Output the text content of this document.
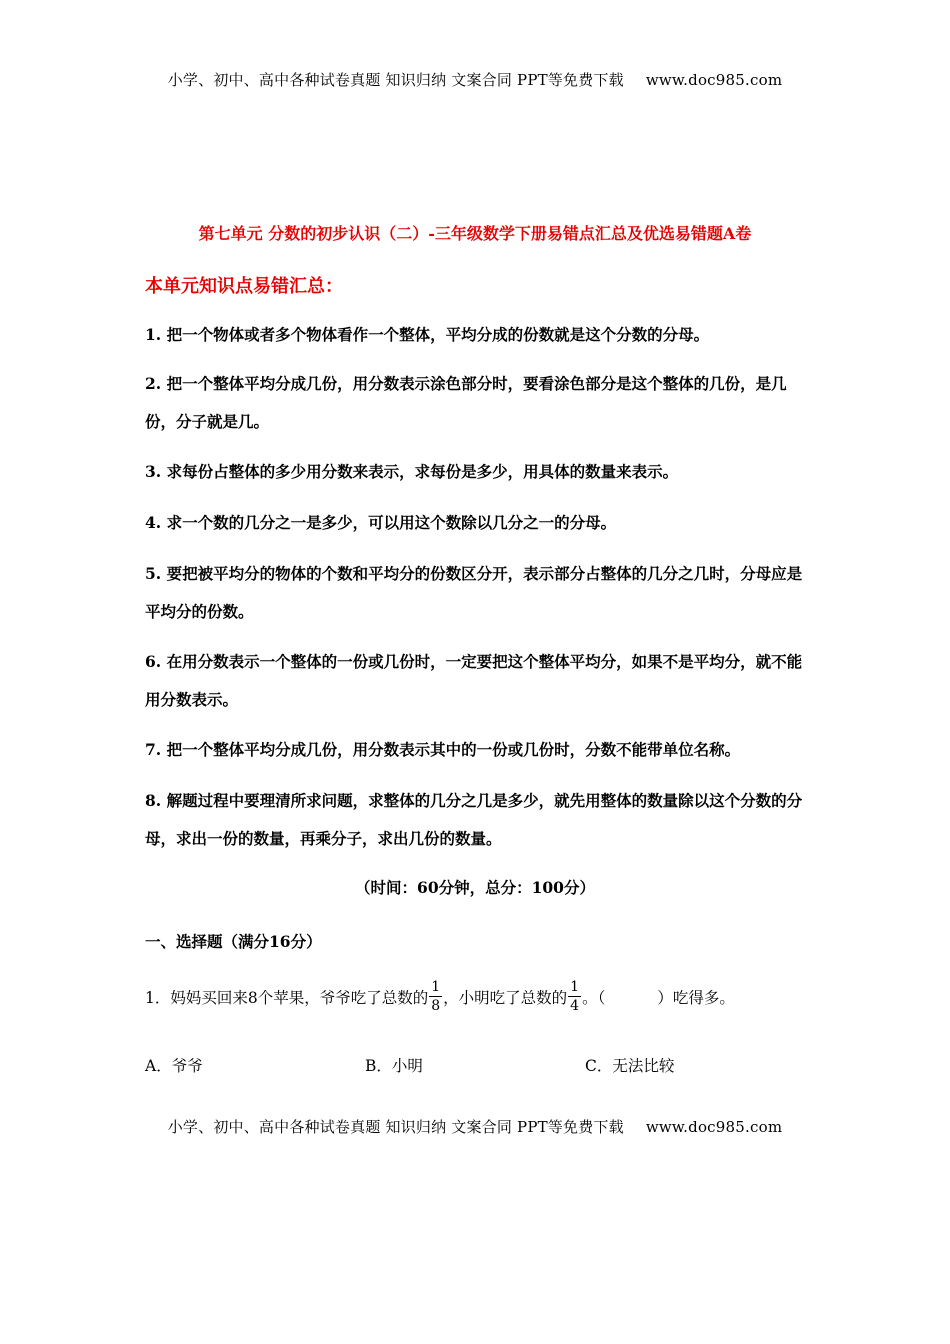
小学、初中、高中各种试卷真题 知识归纳 文案合同 PPT等免费下载 www.doc985.com
第七单元 分数的初步认识（二）-三年级数学下册易错点汇总及优选易错题A卷
本单元知识点易错汇总：

1. 把一个物体或者多个物体看作一个整体，平均分成的份数就是这个分数的分母。

2. 把一个整体平均分成几份，用分数表示涂色部分时，要看涂色部分是这个整体的几份，是几份，分子就是几。

3. 求每份占整体的多少用分数来表示，求每份是多少，用具体的数量来表示。

4. 求一个数的几分之一是多少，可以用这个数除以几分之一的分母。

5. 要把被平均分的物体的个数和平均分的份数区分开，表示部分占整体的几分之几时，分母应是平均分的份数。

6. 在用分数表示一个整体的一份或几份时，一定要把这个整体平均分，如果不是平均分，就不能用分数表示。

7. 把一个整体平均分成几份，用分数表示其中的一份或几份时，分数不能带单位名称。

8. 解题过程中要理清所求问题，求整体的几分之几是多少，就先用整体的数量除以这个分数的分母，求出一份的数量，再乘分子，求出几份的数量。

（时间：60分钟，总分：100分）
一、选择题（满分16分）
1．妈妈买回来8个苹果，爷爷吃了总数的 $\frac{1}{8}$ ，小明吃了总数的 $\frac{1}{4}$ 。（	）吃得多。
A．爷爷	B．小明	C．无法比较
小学、初中、高中各种试卷真题 知识归纳 文案合同 PPT等免费下载 www.doc985.com
